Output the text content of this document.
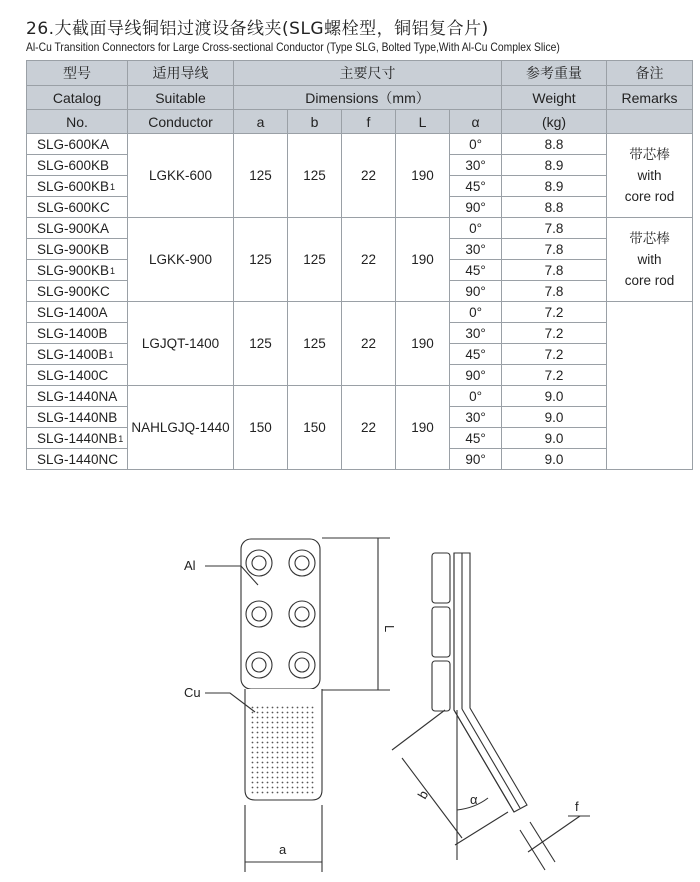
26.大截面导线铜铝过渡设备线夹(SLG螺栓型，铜铝复合片)
Al-Cu Transition Connectors for Large Cross-sectional Conductor (Type SLG, Bolted Type,With Al-Cu Complex Slice)
型号	适用导线	主要尺寸					参考重量	备注
Catalog	Suitable	Dimensions（mm）					Weight	Remarks
No.	Conductor	a	b	f	L	α	(kg)	
SLG-600KA	LGKK-600	125	125	22	190	0°	8.8	带芯棒
with
core rod
SLG-600KB						30°	8.9	
SLG-$600KB^1$						45°	8.9	
SLG-600KC						90°	8.8	
SLG-900KA	LGKK-900	125	125	22	190	0°	7.8	带芯棒
with
core rod
SLG-900KB						30°	7.8	
SLG-$900KB^1$						45°	7.8	
SLG-900KC						90°	7.8	
SLG-1400A	LGJQT-1400	125	125	22	190	0°	7.2	
SLG-1400B						30°	7.2	
SLG-$1400B^1$						45°	7.2	
SLG-1400C						90°	7.2	
SLG-1440NA	NAHLGJQ-1440	150	150	22	190	0°	9.0	
SLG-1440NB						30°	9.0	
SLG-$1440NB^1$						45°	9.0	
SLG-1440NC						90°	9.0	
Al
Cu
L
a
b	α	f
